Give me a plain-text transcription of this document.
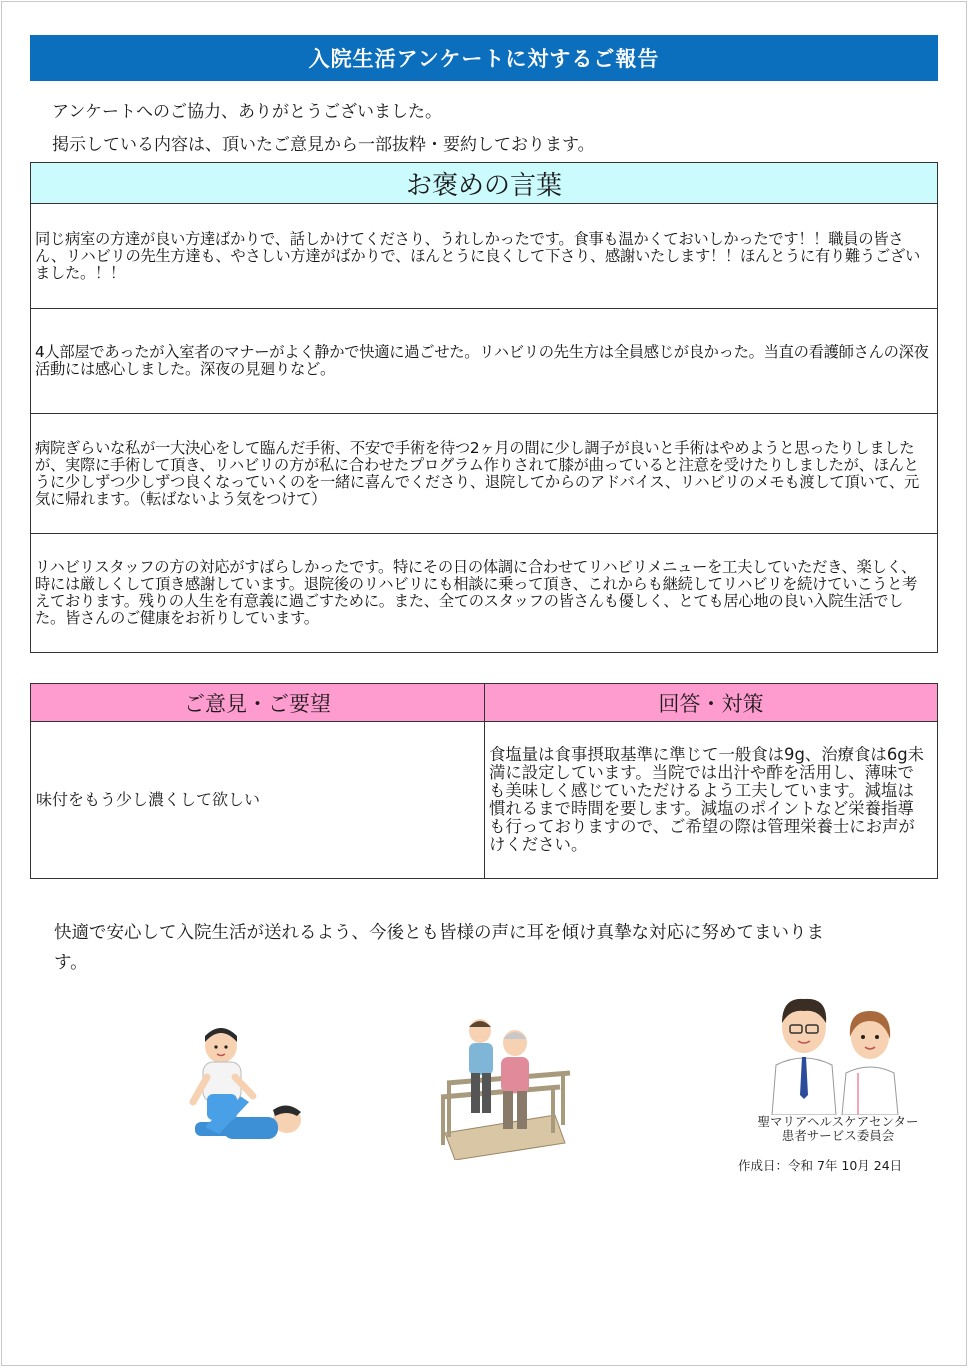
入院生活アンケートに対するご報告
アンケートへのご協力、ありがとうございました。
掲示している内容は、頂いたご意見から一部抜粋・要約しております。
お褒めの言葉
同じ病室の方達が良い方達ばかりで、話しかけてくださり、うれしかったです。食事も温かくておいしかったです！！職員の皆さん、リハビリの先生方達も、やさしい方達がばかりで、ほんとうに良くして下さり、感謝いたします！！ほんとうに有り難うございました。！！
4人部屋であったが入室者のマナーがよく静かで快適に過ごせた。リハビリの先生方は全員感じが良かった。当直の看護師さんの深夜活動には感心しました。深夜の見廻りなど。
病院ぎらいな私が一大決心をして臨んだ手術、不安で手術を待つ2ヶ月の間に少し調子が良いと手術はやめようと思ったりしましたが、実際に手術して頂き、リハビリの方が私に合わせたプログラム作りされて膝が曲っていると注意を受けたりしましたが、ほんとうに少しずつ少しずつ良くなっていくのを一緒に喜んでくださり、退院してからのアドバイス、リハビリのメモも渡して頂いて、元気に帰れます。（転ばないよう気をつけて）
リハビリスタッフの方の対応がすばらしかったです。特にその日の体調に合わせてリハビリメニューを工夫していただき、楽しく、時には厳しくして頂き感謝しています。退院後のリハビリにも相談に乗って頂き、これからも継続してリハビリを続けていこうと考えております。残りの人生を有意義に過ごすために。また、全てのスタッフの皆さんも優しく、とても居心地の良い入院生活でした。皆さんのご健康をお祈りしています。
ご意見・ご要望	回答・対策
味付をもう少し濃くして欲しい
食塩量は食事摂取基準に準じて一般食は9g、治療食は6g未満に設定しています。当院では出汁や酢を活用し、薄味でも美味しく感じていただけるよう工夫しています。減塩は慣れるまで時間を要します。減塩のポイントなど栄養指導も行っておりますので、ご希望の際は管理栄養士にお声がけください。
快適で安心して入院生活が送れるよう、今後とも皆様の声に耳を傾け真摯な対応に努めてまいります。
聖マリアヘルスケアセンター
患者サービス委員会
作成日：令和 7年 10月 24日
